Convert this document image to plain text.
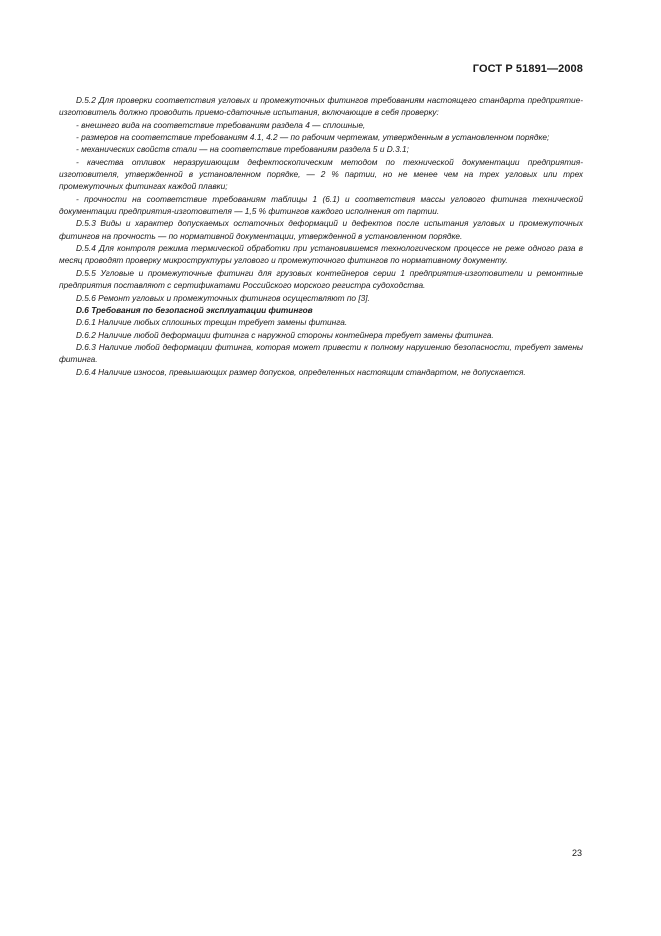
ГОСТ Р 51891—2008

D.5.2 Для проверки соответствия угловых и промежуточных фитингов требованиям настоящего стандарта предприятие-изготовитель должно проводить приемо-сдаточные испытания, включающие в себя проверку:

- внешнего вида на соответствие требованиям раздела 4 — сплошные,

- размеров на соответствие требованиям 4.1, 4.2 — по рабочим чертежам, утвержденным в установленном порядке;

- механических свойств стали — на соответствие требованиям раздела 5 и D.3.1;

- качества отливок неразрушающим дефектоскопическим методом по технической документации предприятия-изготовителя, утвержденной в установленном порядке, — 2 % партии, но не менее чем на трех угловых или трех промежуточных фитингах каждой плавки;

- прочности на соответствие требованиям таблицы 1 (6.1) и соответствия массы углового фитинга технической документации предприятия-изготовителя — 1,5 % фитингов каждого исполнения от партии.

D.5.3 Виды и характер допускаемых остаточных деформаций и дефектов после испытания угловых и промежуточных фитингов на прочность — по нормативной документации, утвержденной в установленном порядке.

D.5.4 Для контроля режима термической обработки при установившемся технологическом процессе не реже одного раза в месяц проводят проверку микроструктуры углового и промежуточного фитингов по нормативному документу.

D.5.5 Угловые и промежуточные фитинги для грузовых контейнеров серии 1 предприятия-изготовители и ремонтные предприятия поставляют с сертификатами Российского морского регистра судоходства.

D.5.6 Ремонт угловых и промежуточных фитингов осуществляют по [3].

D.6 Требования по безопасной эксплуатации фитингов

D.6.1 Наличие любых сплошных трещин требует замены фитинга.

D.6.2 Наличие любой деформации фитинга с наружной стороны контейнера требует замены фитинга.

D.6.3 Наличие любой деформации фитинга, которая может привести к полному нарушению безопасности, требует замены фитинга.

D.6.4 Наличие износов, превышающих размер допусков, определенных настоящим стандартом, не допускается.

23
